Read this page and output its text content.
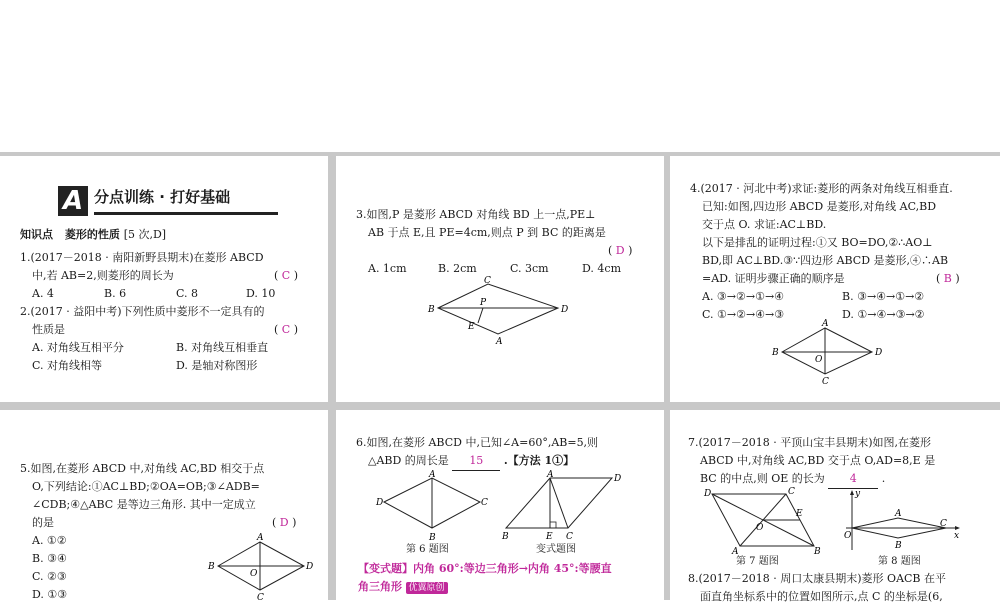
A 分点训练 · 打好基础
知识点 菱形的性质 [5 次,D]
1.(2017－2018 · 南阳新野县期末)在菱形 ABCD
中,若 AB=2,则菱形的周长为	( C )
A. 4	B. 6	C. 8	D. 10
2.(2017 · 益阳中考)下列性质中菱形不一定具有的
性质是	( C )
A. 对角线互相平分	B. 对角线互相垂直
C. 对角线相等	D. 是轴对称图形
3.如图,P 是菱形 ABCD 对角线 BD 上一点,PE⊥
AB 于点 E,且 PE=4cm,则点 P 到 BC 的距离是
( D )
A. 1cm	B. 2cm	C. 3cm	D. 4cm
B
C
D
A
P
E
4.(2017 · 河北中考)求证:菱形的两条对角线互相垂直.
已知:如图,四边形 ABCD 是菱形,对角线 AC,BD
交于点 O. 求证:AC⊥BD.
以下是排乱的证明过程:①又 BO=DO,②∴AO⊥
BD,即 AC⊥BD.③∵四边形 ABCD 是菱形,④∴AB
=AD. 证明步骤正确的顺序是	( B )
A. ③→②→①→④	B. ③→④→①→②
C. ①→②→④→③	D. ①→④→③→②
A
B
C
D
O
5.如图,在菱形 ABCD 中,对角线 AC,BD 相交于点
O,下列结论:①AC⊥BD;②OA=OB;③∠ADB=
∠CDB;④△ABC 是等边三角形. 其中一定成立
的是	( D )
A. ①②
B. ③④
C. ②③
D. ①③
A
B
C
D
O
6.如图,在菱形 ABCD 中,已知∠A=60°,AB=5,则
△ABD 的周长是 15 .【方法 1①】
A
D
B
C
A	D
B	E C
第 6 题图	变式题图
【变式题】内角 60°:等边三角形→内角 45°:等腰直
角三角形 优翼原创
7.(2017－2018 · 平顶山宝丰县期末)如图,在菱形
ABCD 中,对角线 AC,BD 交于点 O,AD=8,E 是
BC 的中点,则 OE 的长为 4 .
D	C
E
O
A	B
y
x
O
A
B
C
第 7 题图	第 8 题图
8.(2017－2018 · 周口太康县期末)菱形 OACB 在平
面直角坐标系中的位置如图所示,点 C 的坐标是(6,
